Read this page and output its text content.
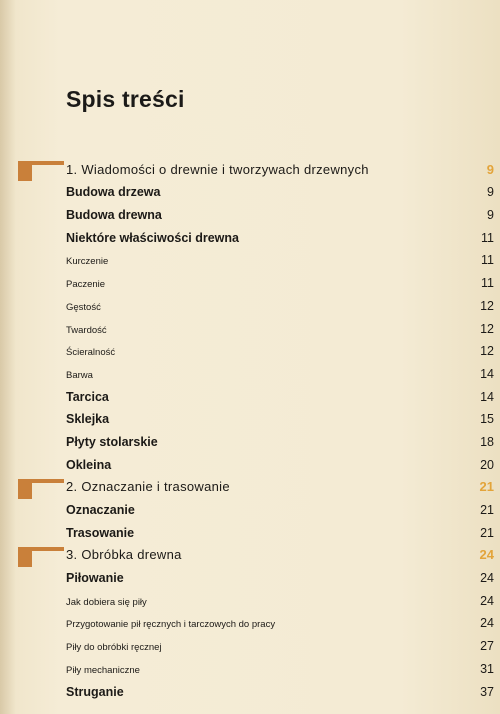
Spis treści
1. Wiadomości o drewnie i tworzywach drzewnych	9
Budowa drzewa	9
Budowa drewna	9
Niektóre właściwości drewna	11
Kurczenie	11
Paczenie	11
Gęstość	12
Twardość	12
Ścieralność	12
Barwa	14
Tarcica	14
Sklejka	15
Płyty stolarskie	18
Okleina	20
2. Oznaczanie i trasowanie	21
Oznaczanie	21
Trasowanie	21
3. Obróbka drewna	24
Piłowanie	24
Jak dobiera się piły	24
Przygotowanie pił ręcznych i tarczowych do pracy	24
Piły do obróbki ręcznej	27
Piły mechaniczne	31
Struganie	37
